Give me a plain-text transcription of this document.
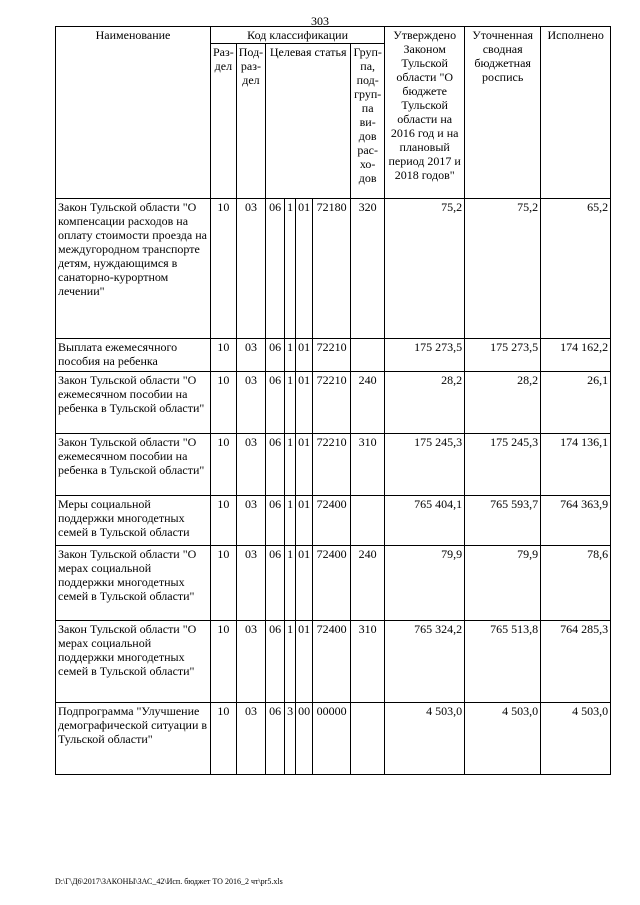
303
Наименование	Код классификации							Утверждено Законом Тульской области "О бюджете Тульской области на 2016 год и на плановый период 2017 и 2018 годов"	Уточненная сводная бюджетная роспись	Исполнено
	Раз-дел	Под-раз-дел	Целевая статья				Груп-па, под-груп-па ви-дов рас-хо-дов			
Закон Тульской области "О компенсации расходов на оплату стоимости проезда на междугородном транспорте детям, нуждающимся в санаторно-курортном лечении"	10	03	06	1	01	72180	320	75,2	75,2	65,2
Выплата ежемесячного пособия на ребенка	10	03	06	1	01	72210		175 273,5	175 273,5	174 162,2
Закон Тульской области "О ежемесячном пособии на ребенка в Тульской области"	10	03	06	1	01	72210	240	28,2	28,2	26,1
Закон Тульской области "О ежемесячном пособии на ребенка в Тульской области"	10	03	06	1	01	72210	310	175 245,3	175 245,3	174 136,1
Меры социальной поддержки многодетных семей в Тульской области	10	03	06	1	01	72400		765 404,1	765 593,7	764 363,9
Закон Тульской области "О мерах социальной поддержки многодетных семей в Тульской области"	10	03	06	1	01	72400	240	79,9	79,9	78,6
Закон Тульской области "О мерах социальной поддержки многодетных семей в Тульской области"	10	03	06	1	01	72400	310	765 324,2	765 513,8	764 285,3
Подпрограмма "Улучшение демографической ситуации в Тульской области"	10	03	06	3	00	00000		4 503,0	4 503,0	4 503,0
D:\Г\Д6\2017\ЗАКОНЫ\ЗАС_42\Исп. бюджет ТО 2016_2 чт\pr5.xls
